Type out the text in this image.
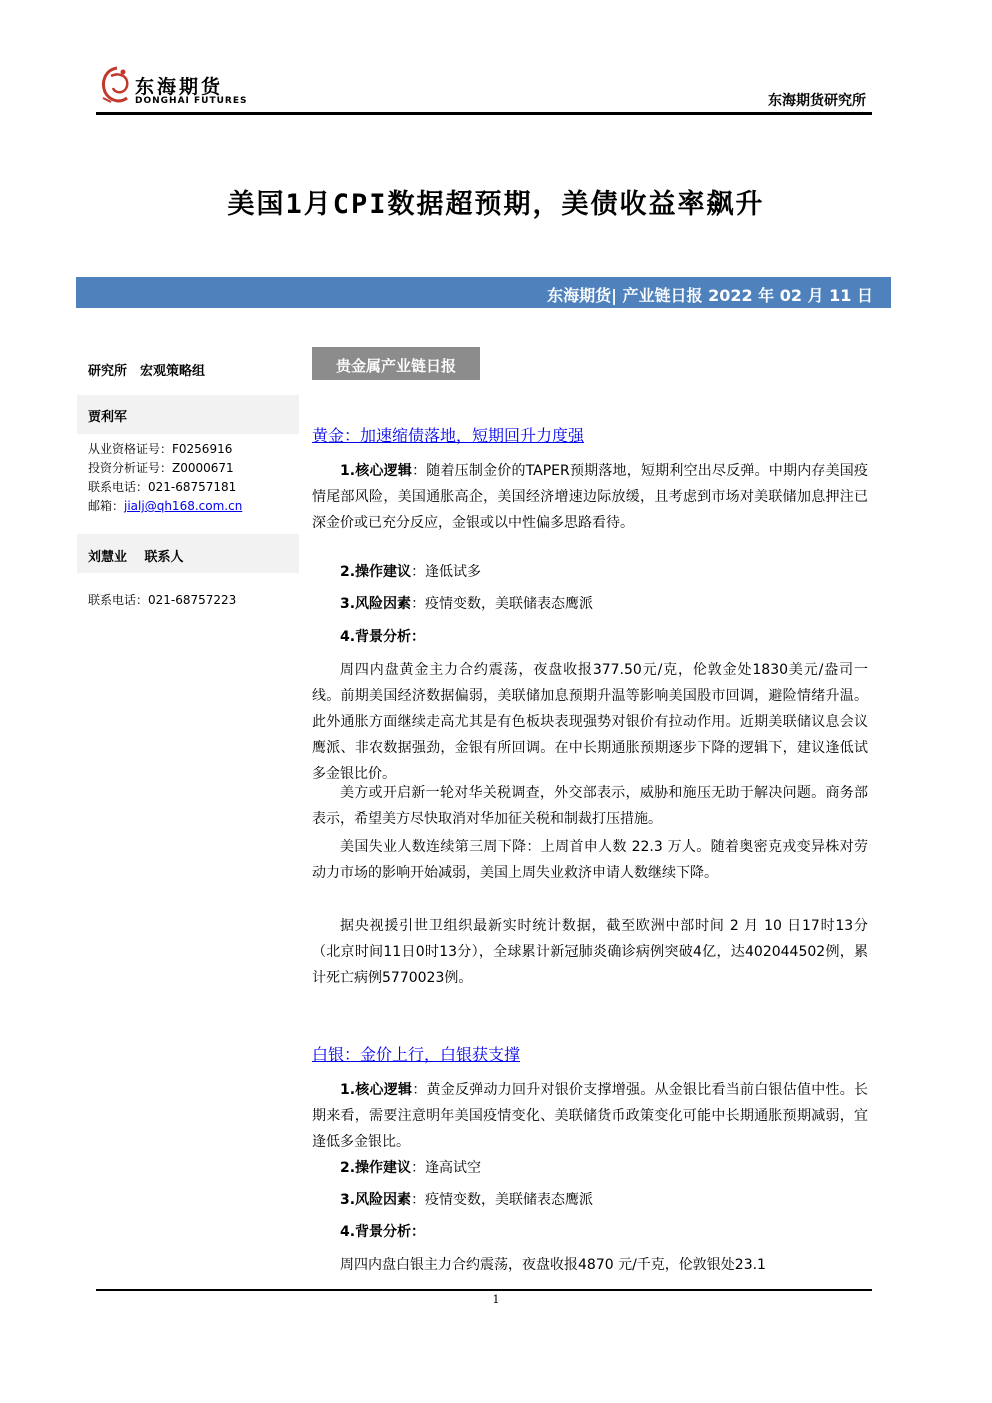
东海期货
DONGHAI FUTURES	东海期货研究所
美国1月CPI数据超预期，美债收益率飙升
东海期货| 产业链日报 2022 年 02 月 11 日
研究所　宏观策略组
贾利军
从业资格证号：F0256916
投资分析证号：Z0000671
联系电话：021-68757181
邮箱：jialj@qh168.com.cn
刘慧业　 联系人
联系电话：021-68757223
贵金属产业链日报
黄金：加速缩债落地，短期回升力度强
1.核心逻辑：随着压制金价的TAPER预期落地，短期利空出尽反弹。中期内存美国疫情尾部风险，美国通胀高企，美国经济增速边际放缓，且考虑到市场对美联储加息押注已深金价或已充分反应，金银或以中性偏多思路看待。
2.操作建议：逢低试多
3.风险因素：疫情变数，美联储表态鹰派
4.背景分析：
周四内盘黄金主力合约震荡，夜盘收报377.50元/克，伦敦金处1830美元/盎司一线。前期美国经济数据偏弱，美联储加息预期升温等影响美国股市回调，避险情绪升温。此外通胀方面继续走高尤其是有色板块表现强势对银价有拉动作用。近期美联储议息会议鹰派、非农数据强劲，金银有所回调。在中长期通胀预期逐步下降的逻辑下，建议逢低试多金银比价。
美方或开启新一轮对华关税调查，外交部表示，威胁和施压无助于解决问题。商务部表示，希望美方尽快取消对华加征关税和制裁打压措施。
美国失业人数连续第三周下降：上周首申人数 22.3 万人。随着奥密克戎变异株对劳动力市场的影响开始减弱，美国上周失业救济申请人数继续下降。
据央视援引世卫组织最新实时统计数据，截至欧洲中部时间 2 月 10 日17时13分（北京时间11日0时13分），全球累计新冠肺炎确诊病例突破4亿，达402044502例，累计死亡病例5770023例。
白银：金价上行，白银获支撑
1.核心逻辑：黄金反弹动力回升对银价支撑增强。从金银比看当前白银估值中性。长期来看，需要注意明年美国疫情变化、美联储货币政策变化可能中长期通胀预期减弱，宜逢低多金银比。
2.操作建议：逢高试空
3.风险因素：疫情变数，美联储表态鹰派
4.背景分析：
周四内盘白银主力合约震荡，夜盘收报4870 元/千克，伦敦银处23.1
1
